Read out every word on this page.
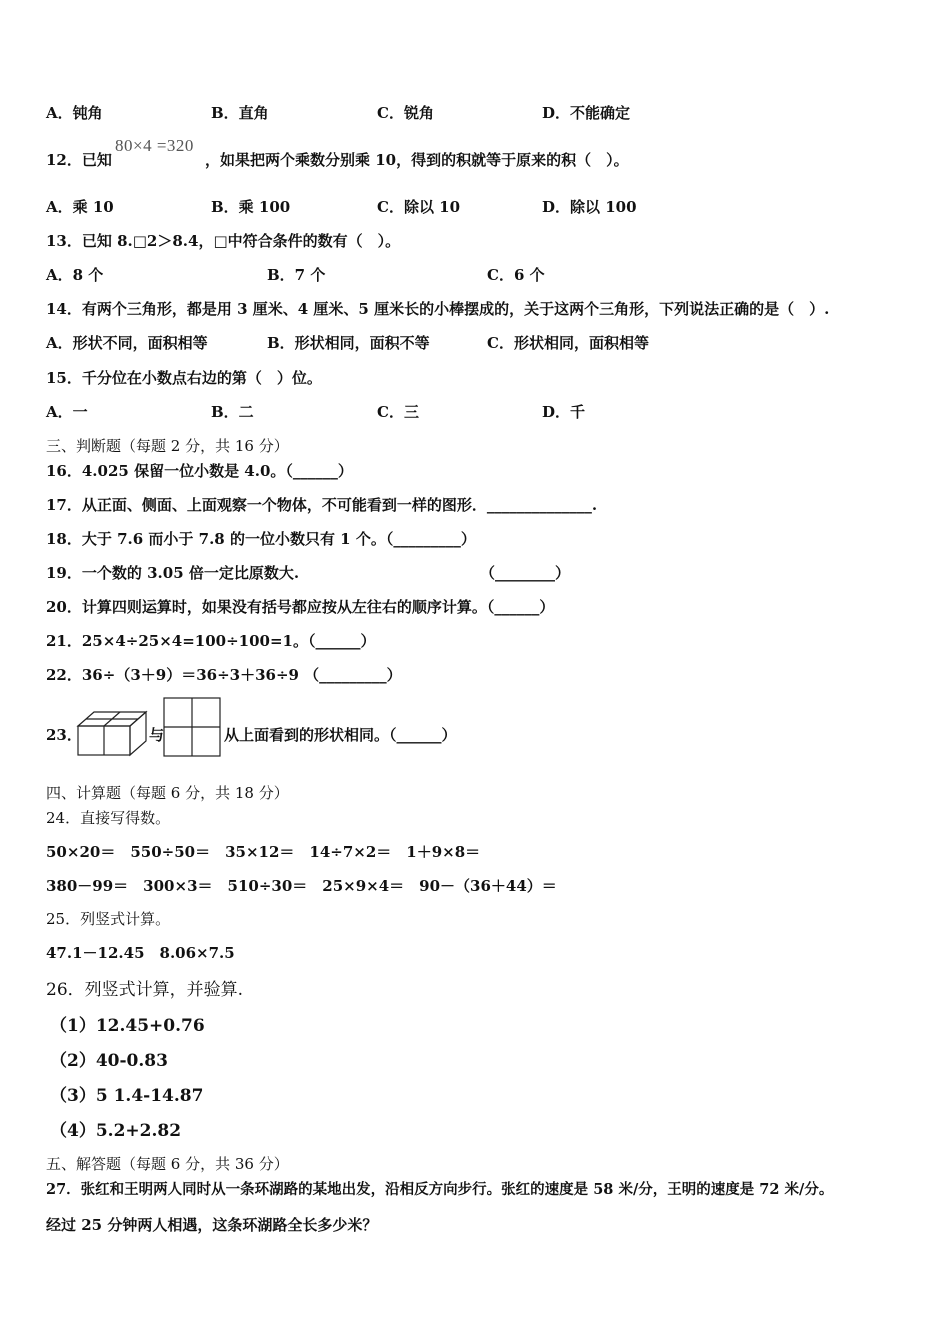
A．钝角	B．直角	C．锐角	D．不能确定
12．已知
80×4 =320
，如果把两个乘数分别乘 10，得到的积就等于原来的积（　）。
A．乘 10	B．乘 100	C．除以 10	D．除以 100
13．已知 8.□2＞8.4，□中符合条件的数有（　）。
A．8 个	B．7 个	C．6 个
14．有两个三角形，都是用 3 厘米、4 厘米、5 厘米长的小棒摆成的，关于这两个三角形，下列说法正确的是（　）.
A．形状不同，面积相等	B．形状相同，面积不等	C．形状相同，面积相等
15．千分位在小数点右边的第（　）位。
A．一	B．二	C．三	D．千
三、判断题（每题 2 分，共 16 分）
16．4.025 保留一位小数是 4.0。（______）
17．从正面、侧面、上面观察一个物体，不可能看到一样的图形．______________.
18．大于 7.6 而小于 7.8 的一位小数只有 1 个。（_________）
19．一个数的 3.05 倍一定比原数大.	（________）
20．计算四则运算时，如果没有括号都应按从左往右的顺序计算。（______）
21．25×4÷25×4=100÷100=1。（______）
22．36÷（3＋9）＝36÷3＋36÷9 （_________）
23．	与	从上面看到的形状相同。（______）
四、计算题（每题 6 分，共 18 分）
24．直接写得数。
50×20＝　550÷50＝　35×12＝　14÷7×2＝　1＋9×8＝
380－99＝　300×3＝　510÷30＝　25×9×4＝　90－（36＋44）＝
25．列竖式计算。
47.1－12.45　8.06×7.5
26．列竖式计算，并验算.
（1）12.45+0.76
（2）40-0.83
（3）5 1.4-14.87
（4）5.2+2.82
五、解答题（每题 6 分，共 36 分）
27．张红和王明两人同时从一条环湖路的某地出发，沿相反方向步行。张红的速度是 58 米/分，王明的速度是 72 米/分。
经过 25 分钟两人相遇，这条环湖路全长多少米？
